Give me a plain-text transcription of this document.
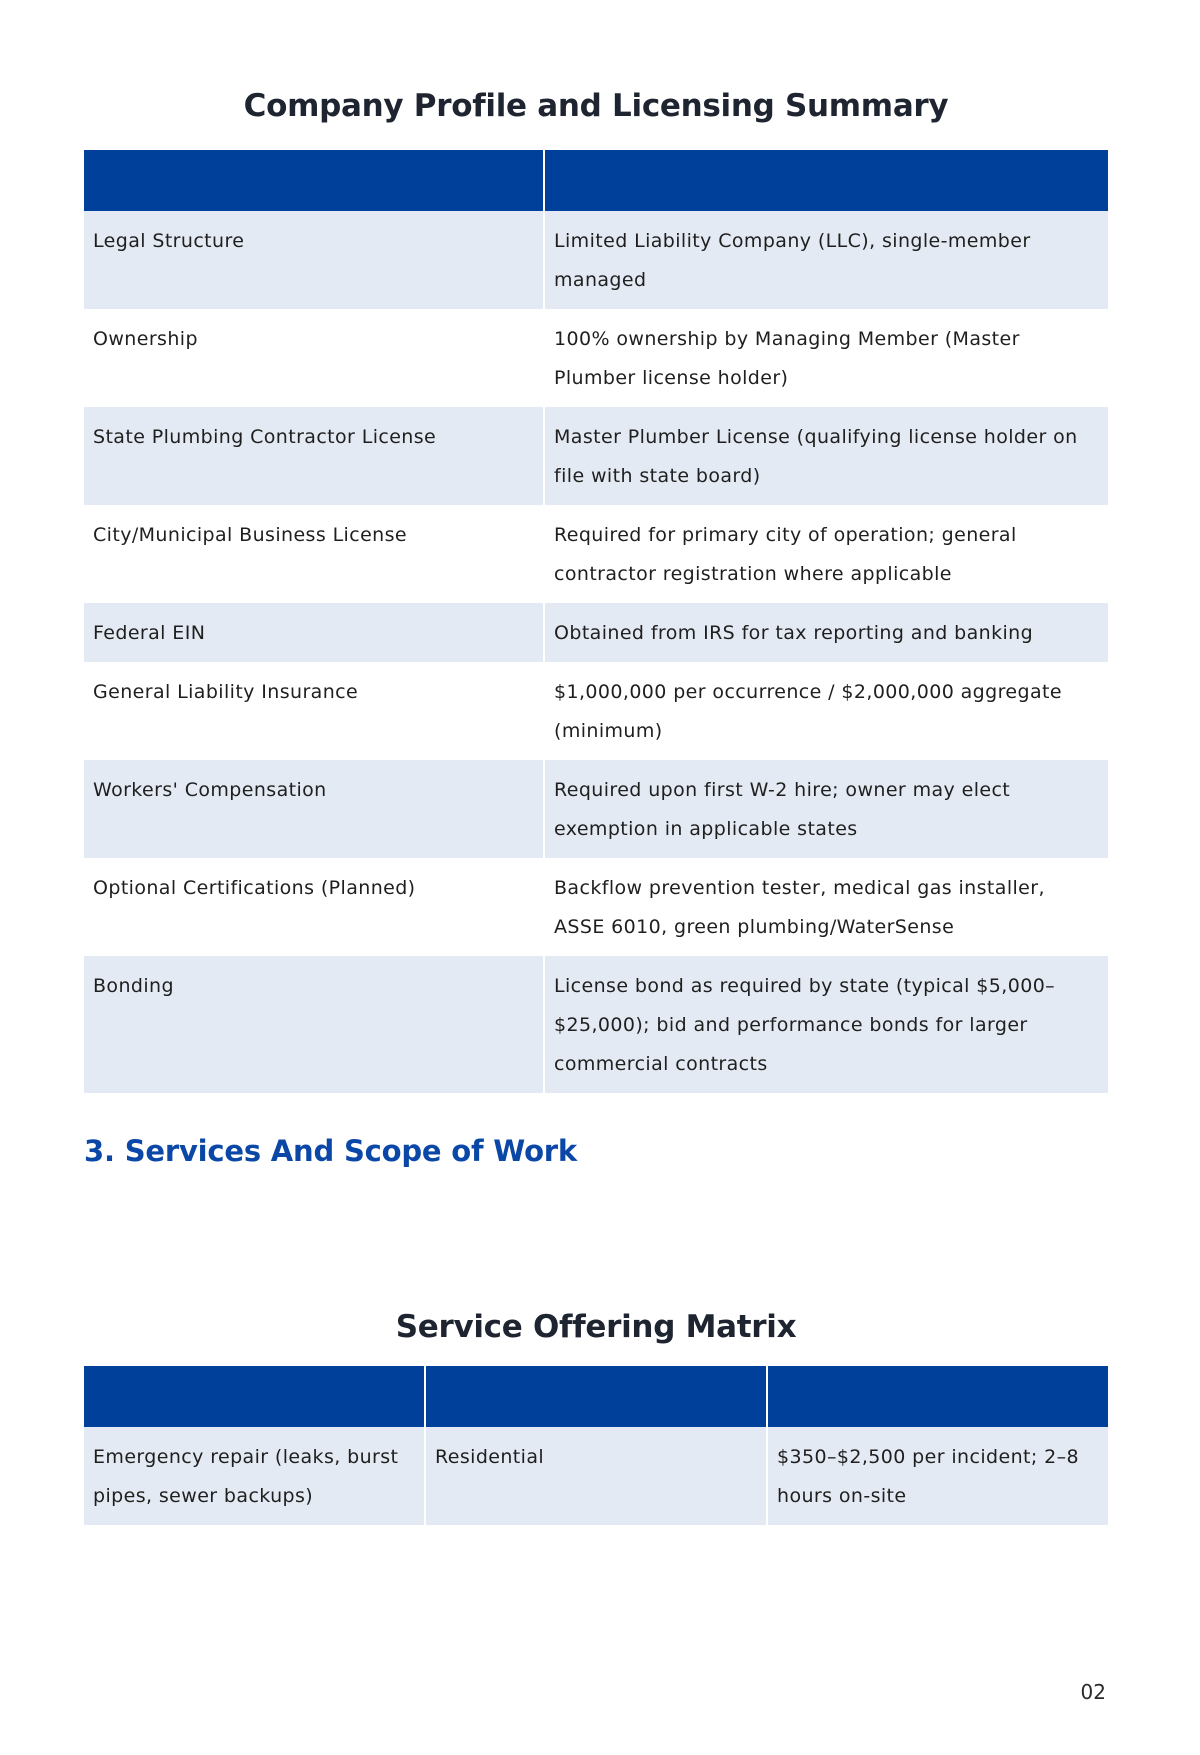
Company Profile and Licensing Summary

Legal Structure	Limited Liability Company (LLC), single-member managed
Ownership	100% ownership by Managing Member (Master Plumber license holder)
State Plumbing Contractor License	Master Plumber License (qualifying license holder on file with state board)
City/Municipal Business License	Required for primary city of operation; general contractor registration where applicable
Federal EIN	Obtained from IRS for tax reporting and banking
General Liability Insurance	$1,000,000 per occurrence / $2,000,000 aggregate (minimum)
Workers' Compensation	Required upon first W-2 hire; owner may elect exemption in applicable states
Optional Certifications (Planned)	Backflow prevention tester, medical gas installer, ASSE 6010, green plumbing/WaterSense
Bonding	License bond as required by state (typical $5,000–$25,000); bid and performance bonds for larger commercial contracts
3. Services And Scope of Work
Service Offering Matrix

Emergency repair (leaks, burst pipes, sewer backups)	Residential	$350–$2,500 per incident; 2–8 hours on-site
02
